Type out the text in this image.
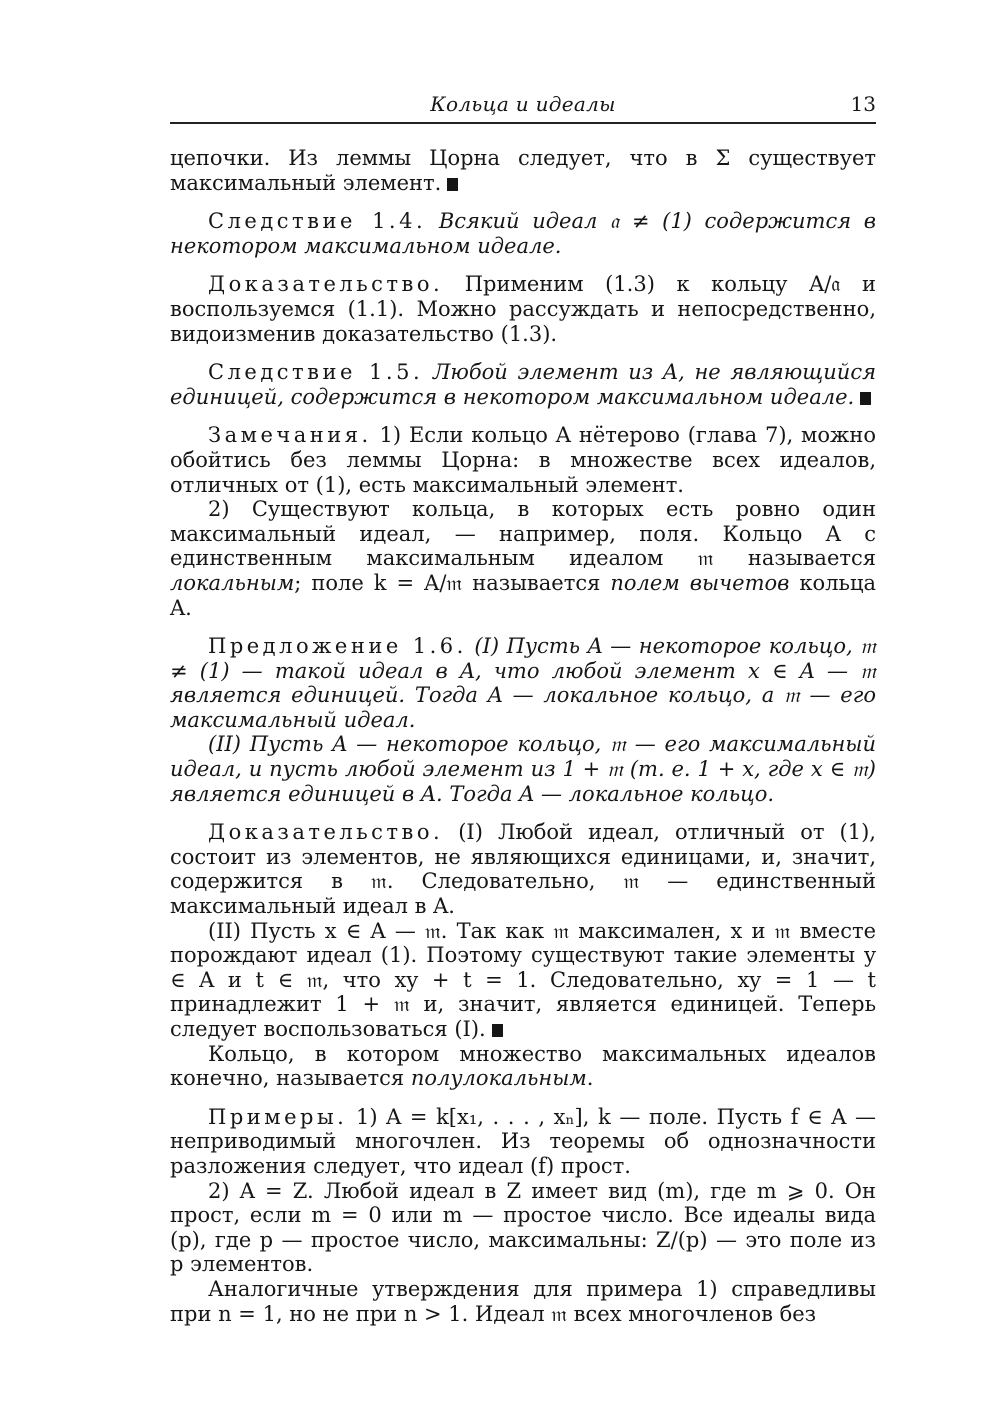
Кольца и идеалы	13

цепочки. Из леммы Цорна следует, что в Σ существует максимальный элемент.

Следствие 1.4. Всякий идеал 𝔞 ≠ (1) содержится в некотором максимальном идеале.

Доказательство. Применим (1.3) к кольцу A/𝔞 и воспользуемся (1.1). Можно рассуждать и непосредственно, видоизменив доказательство (1.3).

Следствие 1.5. Любой элемент из A, не являющийся единицей, содержится в некотором максимальном идеале.

Замечания. 1) Если кольцо A нётерово (глава 7), можно обойтись без леммы Цорна: в множестве всех идеалов, отличных от (1), есть максимальный элемент.

2) Существуют кольца, в которых есть ровно один максимальный идеал, — например, поля. Кольцо A с единственным максимальным идеалом 𝔪 называется локальным; поле k = A/𝔪 называется полем вычетов кольца A.

Предложение 1.6. (I) Пусть A — некоторое кольцо, 𝔪 ≠ (1) — такой идеал в A, что любой элемент x ∈ A — 𝔪 является единицей. Тогда A — локальное кольцо, а 𝔪 — его максимальный идеал.

(II) Пусть A — некоторое кольцо, 𝔪 — его максимальный идеал, и пусть любой элемент из 1 + 𝔪 (т. е. 1 + x, где x ∈ 𝔪) является единицей в A. Тогда A — локальное кольцо.

Доказательство. (I) Любой идеал, отличный от (1), состоит из элементов, не являющихся единицами, и, значит, содержится в 𝔪. Следовательно, 𝔪 — единственный максимальный идеал в A.

(II) Пусть x ∈ A — 𝔪. Так как 𝔪 максимален, x и 𝔪 вместе порождают идеал (1). Поэтому существуют такие элементы y ∈ A и t ∈ 𝔪, что xy + t = 1. Следовательно, xy = 1 — t принадлежит 1 + 𝔪 и, значит, является единицей. Теперь следует воспользоваться (I).

Кольцо, в котором множество максимальных идеалов конечно, называется полулокальным.

Примеры. 1) A = k[x₁, . . . , xₙ], k — поле. Пусть f ∈ A — неприводимый многочлен. Из теоремы об однозначности разложения следует, что идеал (f) прост.

2) A = Z. Любой идеал в Z имеет вид (m), где m ⩾ 0. Он прост, если m = 0 или m — простое число. Все идеалы вида (p), где p — простое число, максимальны: Z/(p) — это поле из p элементов.

Аналогичные утверждения для примера 1) справедливы при n = 1, но не при n > 1. Идеал 𝔪 всех многочленов без
